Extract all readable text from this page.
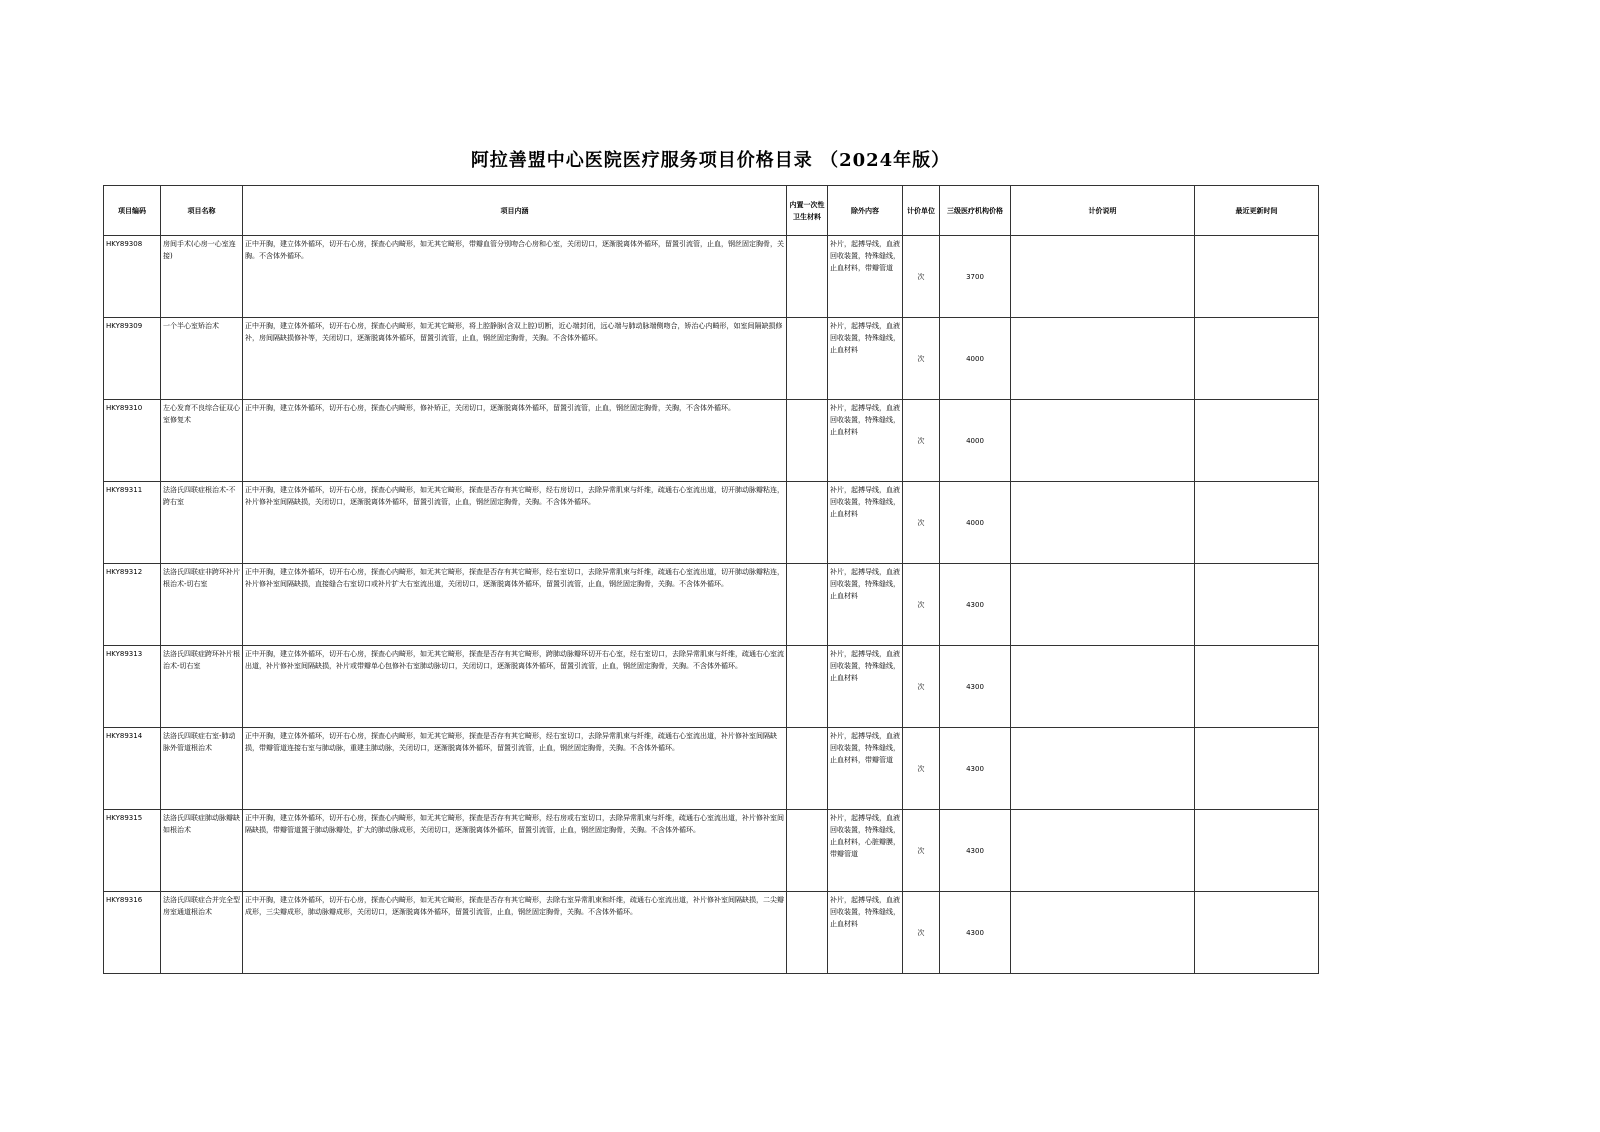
阿拉善盟中心医院医疗服务项目价格目录 （2024年版）
项目编码	项目名称	项目内涵	内置一次性卫生材料	除外内容	计价单位	三级医疗机构价格	计价说明	最近更新时间
HKY89308	房间手术(心房一心室连接)	正中开胸，建立体外循环，切开右心房，探查心内畸形，如无其它畸形，带瓣血管分别吻合心房和心室，关闭切口，逐渐脱离体外循环，留置引流管，止血，钢丝固定胸骨，关胸。不含体外循环。		补片，起搏导线，血液回收装置，特殊缝线，止血材料，带瓣管道	次	3700		
HKY89309	一个半心室矫治术	正中开胸，建立体外循环，切开右心房，探查心内畸形，如无其它畸形，将上腔静脉(含双上腔)切断，近心端封闭，远心端与肺动脉端侧吻合，矫治心内畸形，如室间隔缺损修补，房间隔缺损修补等，关闭切口，逐渐脱离体外循环，留置引流管，止血，钢丝固定胸骨，关胸。不含体外循环。		补片，起搏导线，血液回收装置，特殊缝线，止血材料	次	4000		
HKY89310	左心发育不良综合征双心室修复术	正中开胸，建立体外循环，切开右心房，探查心内畸形，修补矫正，关闭切口，逐渐脱离体外循环，留置引流管，止血，钢丝固定胸骨，关胸，不含体外循环。		补片，起搏导线，血液回收装置，特殊缝线，止血材料	次	4000		
HKY89311	法洛氏四联症根治术-不跨右室	正中开胸，建立体外循环，切开右心房，探查心内畸形，如无其它畸形，探查是否存有其它畸形，经右房切口，去除异常肌束与纤维，疏通右心室流出道，切开肺动脉瓣粘连，补片修补室间隔缺损，关闭切口，逐渐脱离体外循环，留置引流管，止血，钢丝固定胸骨，关胸。不含体外循环。		补片，起搏导线，血液回收装置，特殊缝线，止血材料	次	4000		
HKY89312	法洛氏四联症非跨环补片根治术-切右室	正中开胸，建立体外循环，切开右心房，探查心内畸形，如无其它畸形，探查是否存有其它畸形，经右室切口，去除异常肌束与纤维，疏通右心室流出道，切开肺动脉瓣粘连，补片修补室间隔缺损，直接缝合右室切口或补片扩大右室流出道，关闭切口，逐渐脱离体外循环，留置引流管，止血，钢丝固定胸骨，关胸。不含体外循环。		补片，起搏导线，血液回收装置，特殊缝线，止血材料	次	4300		
HKY89313	法洛氏四联症跨环补片根治术-切右室	正中开胸，建立体外循环，切开右心房，探查心内畸形，如无其它畸形，探查是否存有其它畸形，跨肺动脉瓣环切开右心室，经右室切口，去除异常肌束与纤维，疏通右心室流出道，补片修补室间隔缺损，补片或带瓣单心包修补右室肺动脉切口，关闭切口，逐渐脱离体外循环，留置引流管，止血，钢丝固定胸骨，关胸。不含体外循环。		补片，起搏导线，血液回收装置，特殊缝线，止血材料	次	4300		
HKY89314	法洛氏四联症右室-肺动脉外管道根治术	正中开胸，建立体外循环，切开右心房，探查心内畸形，如无其它畸形，探查是否存有其它畸形，经右室切口，去除异常肌束与纤维，疏通右心室流出道，补片修补室间隔缺损，带瓣管道连接右室与肺动脉，重建主肺动脉，关闭切口，逐渐脱离体外循环，留置引流管，止血，钢丝固定胸骨，关胸。不含体外循环。		补片，起搏导线，血液回收装置，特殊缝线，止血材料，带瓣管道	次	4300		
HKY89315	法洛氏四联症肺动脉瓣缺如根治术	正中开胸，建立体外循环，切开右心房，探查心内畸形，如无其它畸形，探查是否存有其它畸形，经右房或右室切口，去除异常肌束与纤维，疏通右心室流出道，补片修补室间隔缺损，带瓣管道置于肺动脉瓣处，扩大的肺动脉成形，关闭切口，逐渐脱离体外循环，留置引流管，止血，钢丝固定胸骨，关胸。不含体外循环。		补片，起搏导线，血液回收装置，特殊缝线，止血材料，心脏瓣膜，带瓣管道	次	4300		
HKY89316	法洛氏四联症合并完全型房室通道根治术	正中开胸，建立体外循环，切开右心房，探查心内畸形，如无其它畸形，探查是否存有其它畸形，去除右室异常肌束和纤维，疏通右心室流出道，补片修补室间隔缺损，二尖瓣成形，三尖瓣成形，肺动脉瓣成形，关闭切口，逐渐脱离体外循环，留置引流管，止血，钢丝固定胸骨，关胸。不含体外循环。		补片，起搏导线，血液回收装置，特殊缝线，止血材料	次	4300		
